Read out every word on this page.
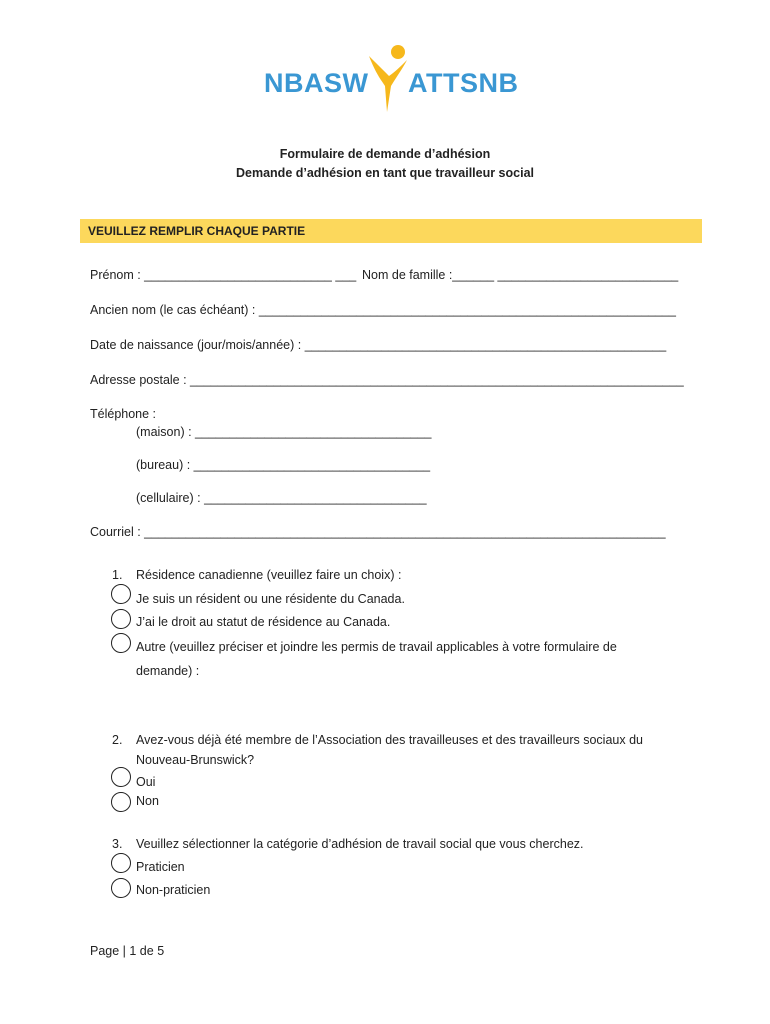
NBASW ATTSNB
Formulaire de demande d’adhésion
Demande d’adhésion en tant que travailleur social
VEUILLEZ REMPLIR CHAQUE PARTIE
Prénom : ___________________________ ___ Nom de famille :______ __________________________
Ancien nom (le cas échéant) : ____________________________________________________________
Date de naissance (jour/mois/année) : ____________________________________________________
Adresse postale : _______________________________________________________________________
Téléphone :
(maison) : __________________________________
(bureau) : __________________________________
(cellulaire) : ________________________________
Courriel : ___________________________________________________________________________
1. Résidence canadienne (veuillez faire un choix) :
Je suis un résident ou une résidente du Canada.
J’ai le droit au statut de résidence au Canada.
Autre (veuillez préciser et joindre les permis de travail applicables à votre formulaire de
demande) :
2. Avez-vous déjà été membre de l’Association des travailleuses et des travailleurs sociaux du
Nouveau-Brunswick?
Oui
Non
3. Veuillez sélectionner la catégorie d’adhésion de travail social que vous cherchez.
Praticien
Non-praticien
Page | 1 de 5
